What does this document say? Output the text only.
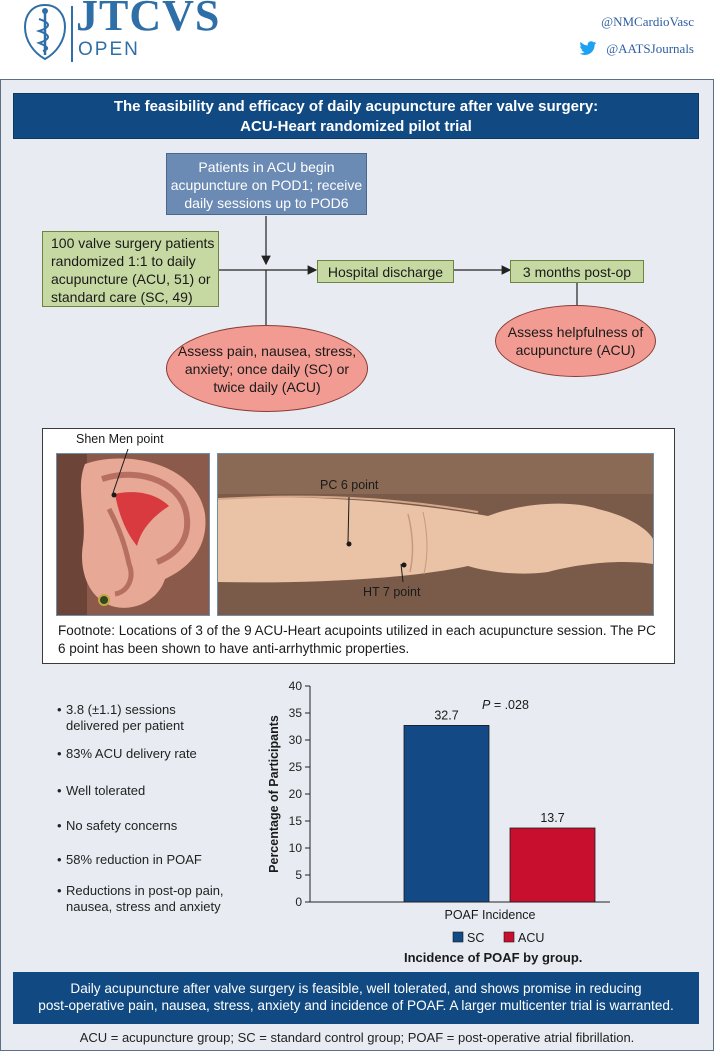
JTCVS
OPEN
@NMCardioVasc
@AATSJournals
The feasibility and efficacy of daily acupuncture after valve surgery:
ACU-Heart randomized pilot trial
Patients in ACU begin
acupuncture on POD1; receive
daily sessions up to POD6
100 valve surgery patients
randomized 1:1 to daily
acupuncture (ACU, 51) or
standard care (SC, 49)
Hospital discharge	3 months post-op
Assess pain, nausea, stress,
anxiety; once daily (SC) or
twice daily (ACU)
Assess helpfulness of
acupuncture (ACU)
Shen Men point
PC 6 point
HT 7 point
Footnote: Locations of 3 of the 9 ACU-Heart acupoints utilized in each acupuncture session. The PC 6 point has been shown to have anti-arrhythmic properties.
• 3.8 (±1.1) sessions delivered per patient
• 83% ACU delivery rate
• Well tolerated
• No safety concerns
• 58% reduction in POAF
• Reductions in post-op pain, nausea, stress and anxiety	0
5
10
15
20
25
30
35
40
Percentage of Participants	32.7
13.7
P = .028
POAF Incidence
SC	ACU
Incidence of POAF by group.
Daily acupuncture after valve surgery is feasible, well tolerated, and shows promise in reducing
post-operative pain, nausea, stress, anxiety and incidence of POAF. A larger multicenter trial is warranted.
ACU = acupuncture group; SC = standard control group; POAF = post-operative atrial fibrillation.
